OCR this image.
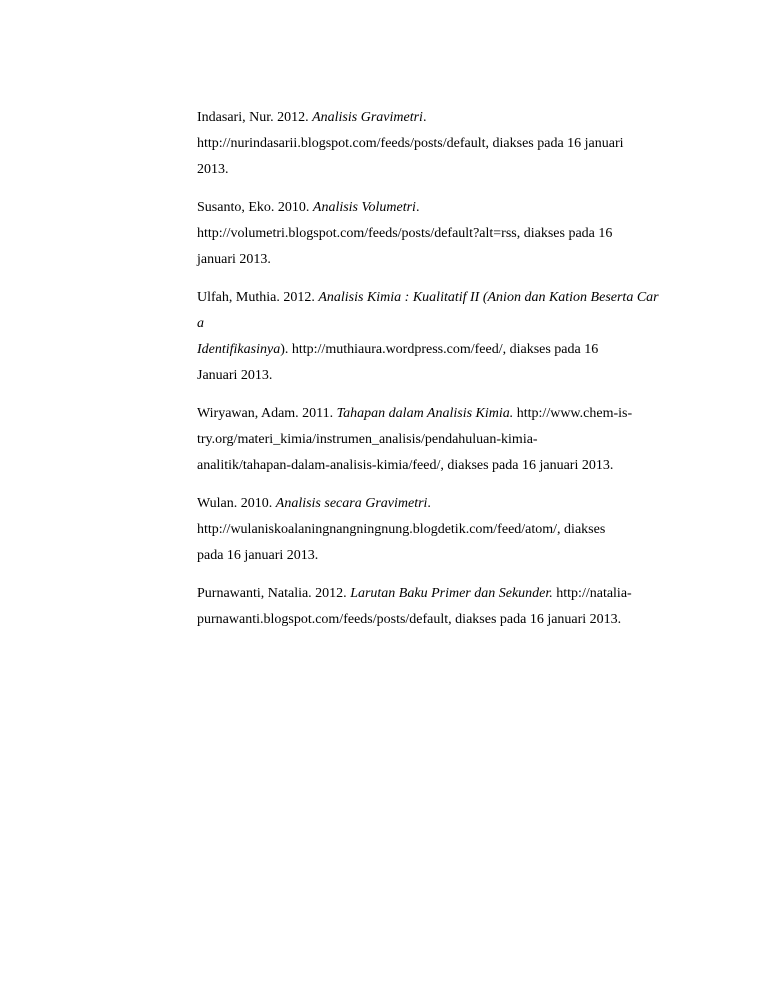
Indasari, Nur. 2012. Analisis Gravimetri.
http://nurindasarii.blogspot.com/feeds/posts/default, diakses pada 16 januari
2013.
Susanto, Eko. 2010. Analisis Volumetri.
http://volumetri.blogspot.com/feeds/posts/default?alt=rss, diakses pada 16
januari 2013.
Ulfah, Muthia. 2012. Analisis Kimia : Kualitatif II (Anion dan Kation Beserta Cara
Identifikasinya). http://muthiaura.wordpress.com/feed/, diakses pada 16
Januari 2013.
Wiryawan, Adam. 2011. Tahapan dalam Analisis Kimia. http://www.chem-is-
try.org/materi_kimia/instrumen_analisis/pendahuluan-kimia-
analitik/tahapan-dalam-analisis-kimia/feed/, diakses pada 16 januari 2013.
Wulan. 2010. Analisis secara Gravimetri.
http://wulaniskoalaningnangningnung.blogdetik.com/feed/atom/, diakses
pada 16 januari 2013.
Purnawanti, Natalia. 2012. Larutan Baku Primer dan Sekunder. http://natalia-
purnawanti.blogspot.com/feeds/posts/default, diakses pada 16 januari 2013.
